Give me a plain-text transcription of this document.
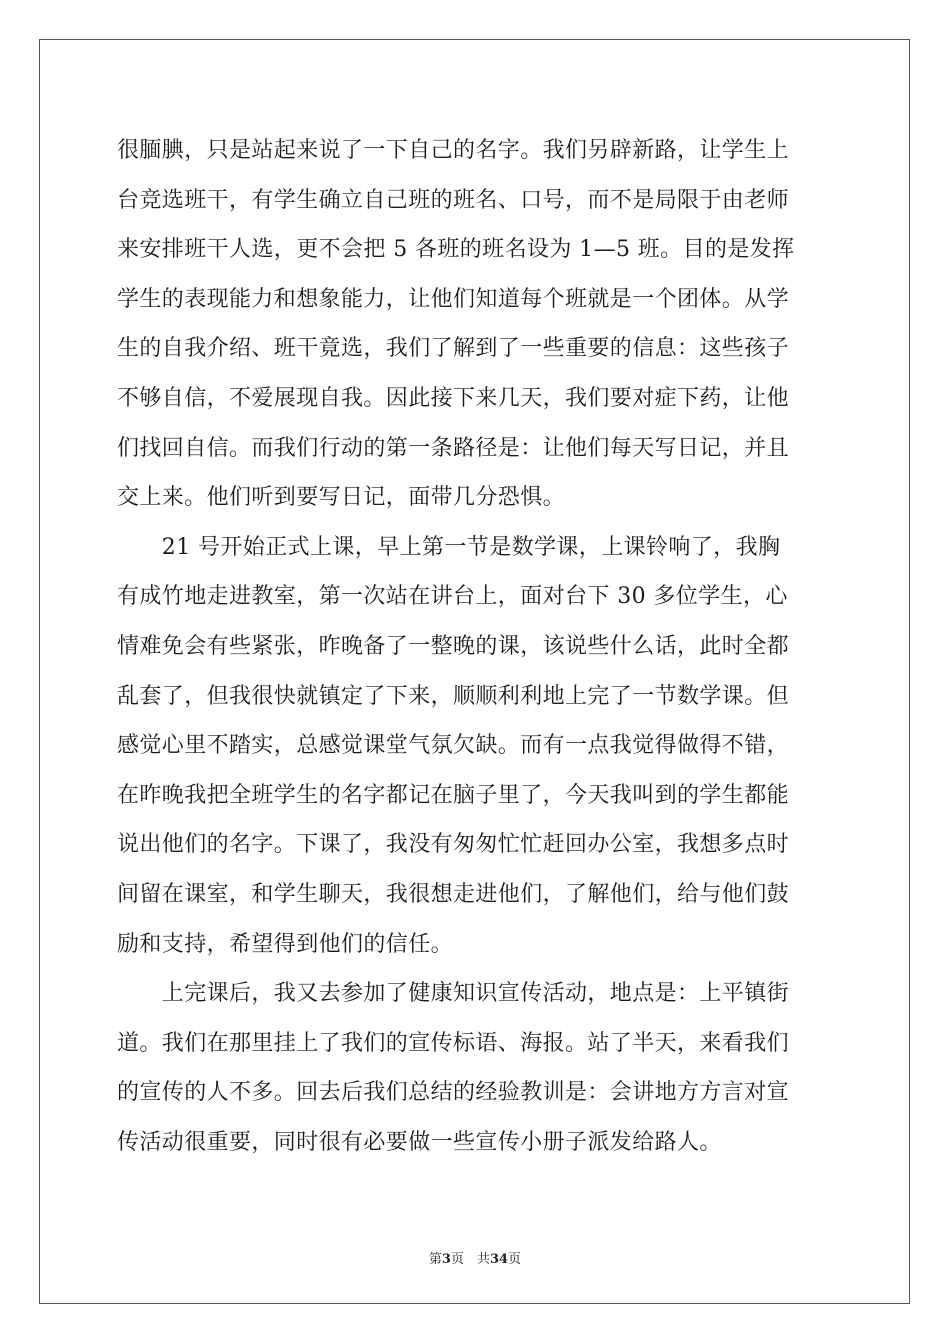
很腼腆，只是站起来说了一下自己的名字。我们另辟新路，让学生上
台竞选班干，有学生确立自己班的班名、口号，而不是局限于由老师
来安排班干人选，更不会把 5 各班的班名设为 1—5 班。目的是发挥
学生的表现能力和想象能力，让他们知道每个班就是一个团体。从学
生的自我介绍、班干竟选，我们了解到了一些重要的信息：这些孩子
不够自信，不爱展现自我。因此接下来几天，我们要对症下药，让他
们找回自信。而我们行动的第一条路径是：让他们每天写日记，并且
交上来。他们听到要写日记，面带几分恐惧。
　　21 号开始正式上课，早上第一节是数学课，上课铃响了，我胸
有成竹地走进教室，第一次站在讲台上，面对台下 30 多位学生，心
情难免会有些紧张，昨晚备了一整晚的课，该说些什么话，此时全都
乱套了，但我很快就镇定了下来，顺顺利利地上完了一节数学课。但
感觉心里不踏实，总感觉课堂气氛欠缺。而有一点我觉得做得不错，
在昨晚我把全班学生的名字都记在脑子里了，今天我叫到的学生都能
说出他们的名字。下课了，我没有匆匆忙忙赶回办公室，我想多点时
间留在课室，和学生聊天，我很想走进他们，了解他们，给与他们鼓
励和支持，希望得到他们的信任。
　　上完课后，我又去参加了健康知识宣传活动，地点是：上平镇街
道。我们在那里挂上了我们的宣传标语、海报。站了半天，来看我们
的宣传的人不多。回去后我们总结的经验教训是：会讲地方方言对宣
传活动很重要，同时很有必要做一些宣传小册子派发给路人。
第3页　共34页
